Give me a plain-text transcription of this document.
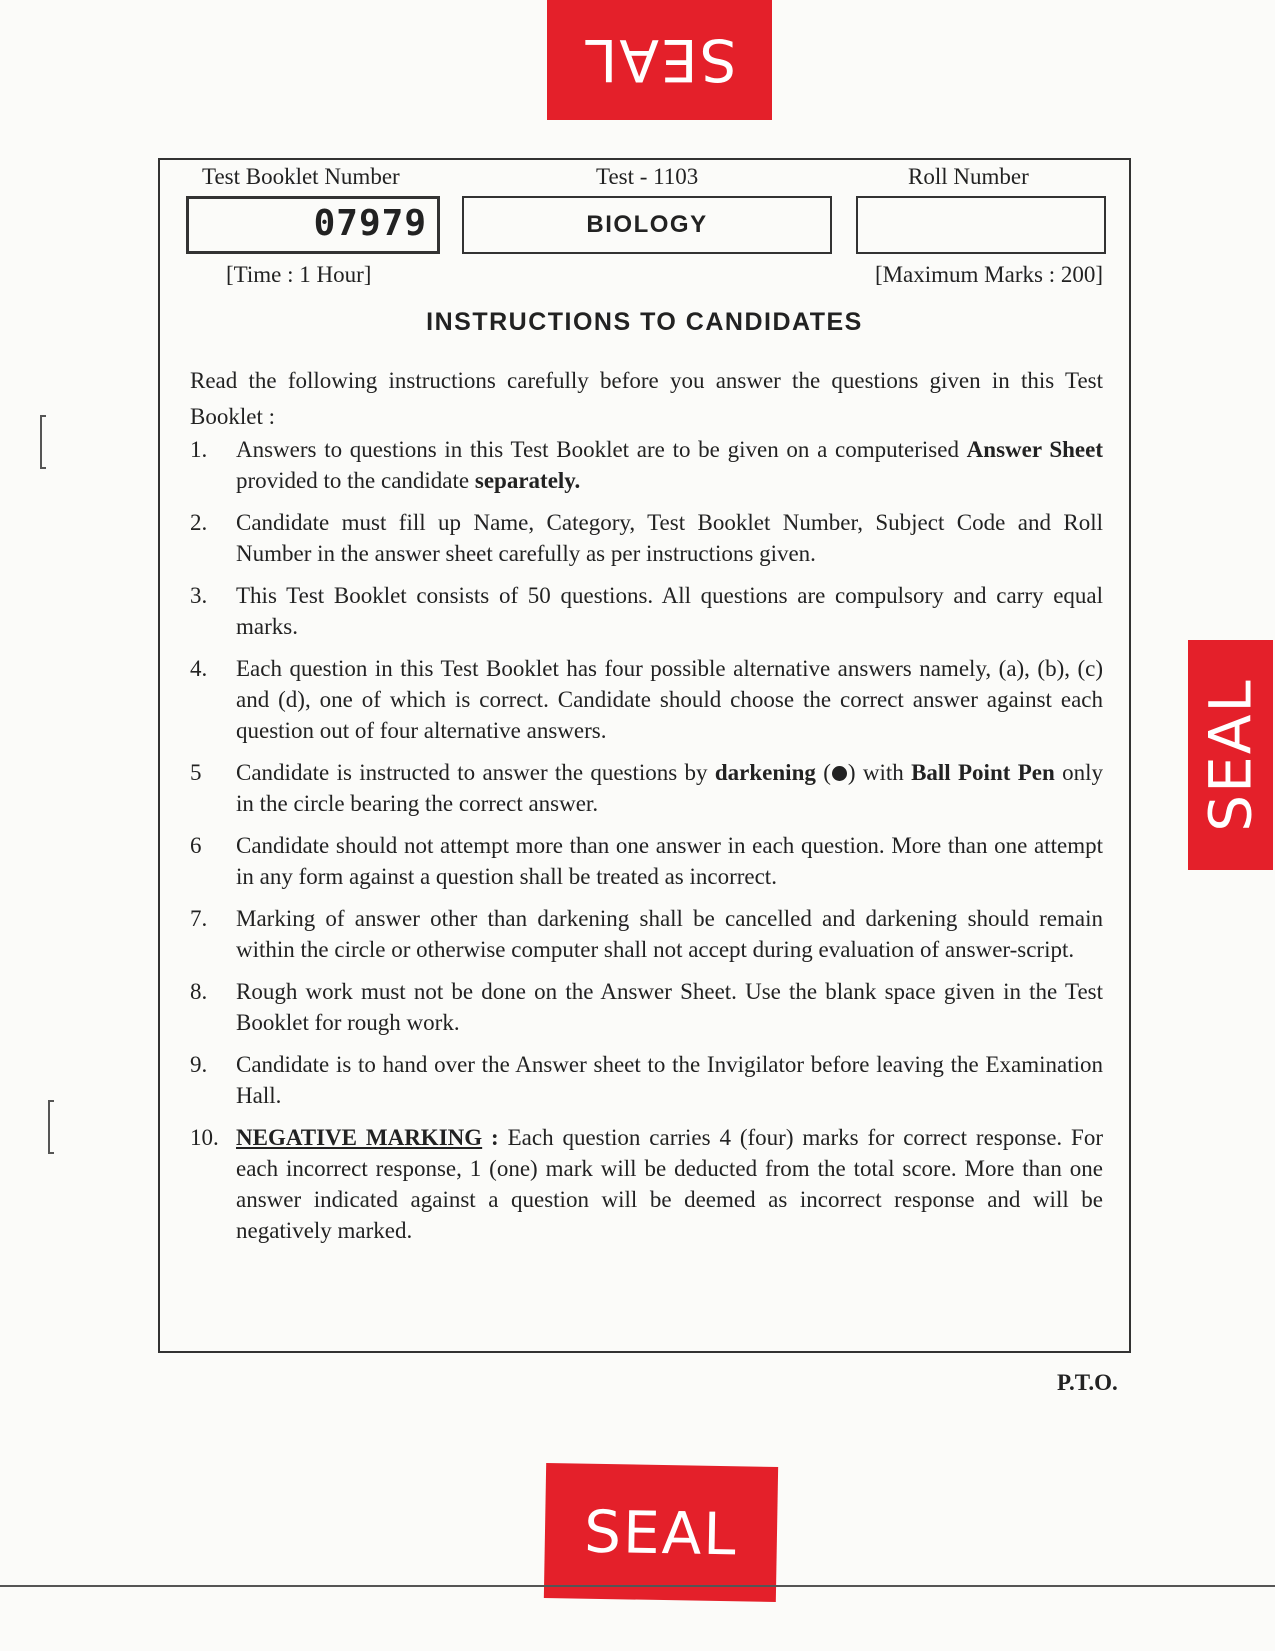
SEAL
SEAL
SEAL
Test Booklet Number	Test - 1103	Roll Number
07979	BIOLOGY
[Time : 1 Hour]	[Maximum Marks : 200]
INSTRUCTIONS TO CANDIDATES
Read the following instructions carefully before you answer the questions given in this Test Booklet :
1. Answers to questions in this Test Booklet are to be given on a computerised Answer Sheet provided to the candidate separately.
2. Candidate must fill up Name, Category, Test Booklet Number, Subject Code and Roll Number in the answer sheet carefully as per instructions given.
3. This Test Booklet consists of 50 questions. All questions are compulsory and carry equal marks.
4. Each question in this Test Booklet has four possible alternative answers namely, (a), (b), (c) and (d), one of which is correct. Candidate should choose the correct answer against each question out of four alternative answers.
5 Candidate is instructed to answer the questions by darkening ( ) with Ball Point Pen only in the circle bearing the correct answer.
6 Candidate should not attempt more than one answer in each question. More than one attempt in any form against a question shall be treated as incorrect.
7. Marking of answer other than darkening shall be cancelled and darkening should remain within the circle or otherwise computer shall not accept during evaluation of answer-script.
8. Rough work must not be done on the Answer Sheet. Use the blank space given in the Test Booklet for rough work.
9. Candidate is to hand over the Answer sheet to the Invigilator before leaving the Examination Hall.
10. NEGATIVE MARKING : Each question carries 4 (four) marks for correct response. For each incorrect response, 1 (one) mark will be deducted from the total score. More than one answer indicated against a question will be deemed as incorrect response and will be negatively marked.
P.T.O.
